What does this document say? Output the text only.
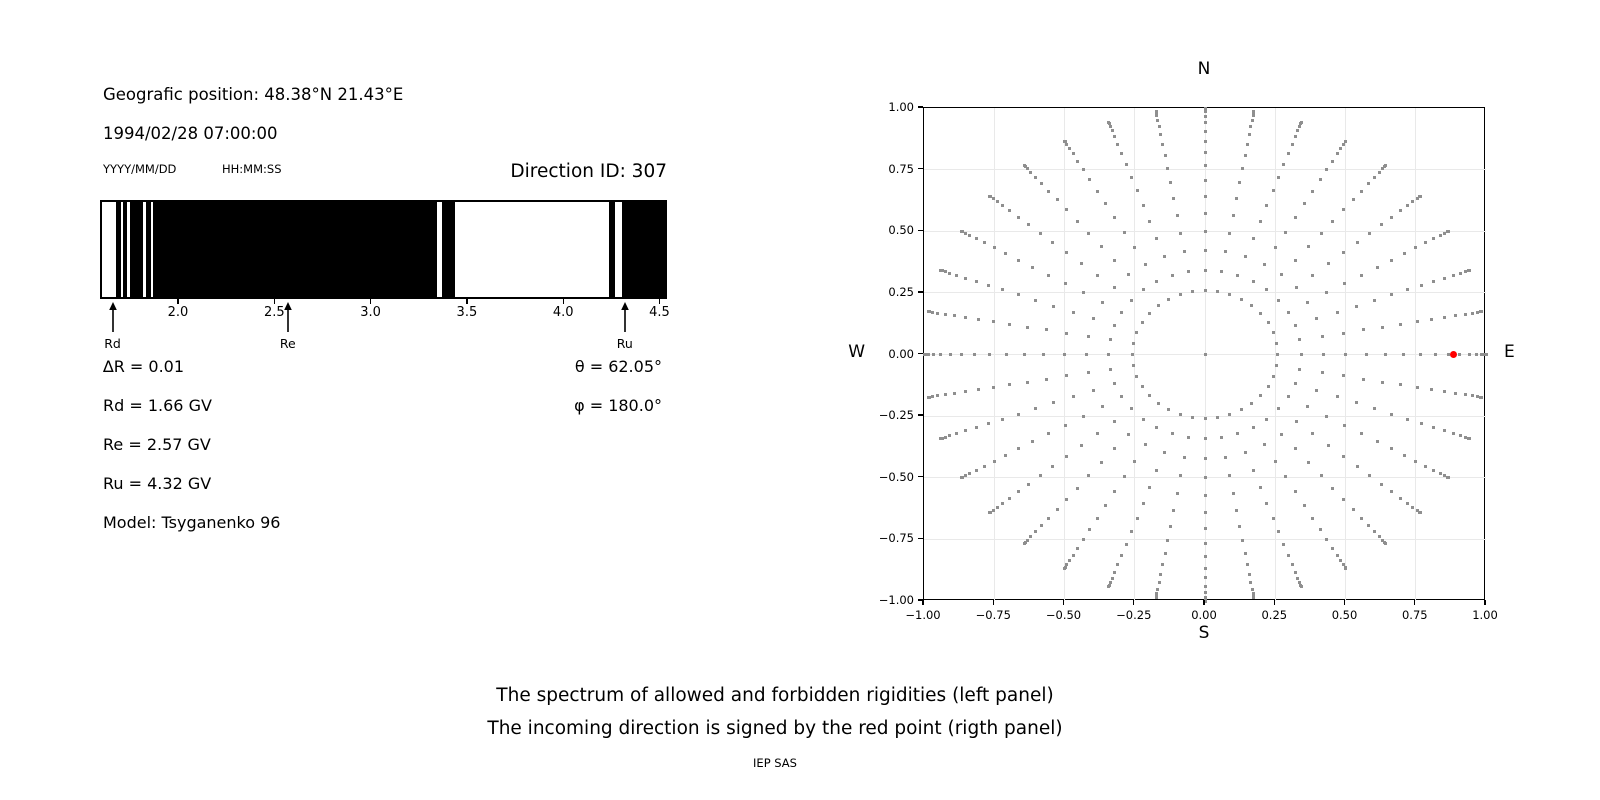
Geografic position: 48.38°N 21.43°E
1994/02/28 07:00:00
YYYY/MM/DD	HH:MM:SS	Direction ID: 307
2.0	2.5	3.0	3.5	4.0	4.5
Rd	Re	Ru
∆R = 0.01
Rd = 1.66 GV
Re = 2.57 GV
Ru = 4.32 GV
Model: Tsyganenko 96
θ = 62.05°
φ = 180.0°
−1.00
−1.00
−0.75
−0.75
−0.50
−0.50
−0.25
−0.25
0.00
0.00
0.25
0.25
0.50
0.50
0.75
0.75
1.00
1.00
N
S
W	E
The spectrum of allowed and forbidden rigidities (left panel)
The incoming direction is signed by the red point (rigth panel)
IEP SAS
